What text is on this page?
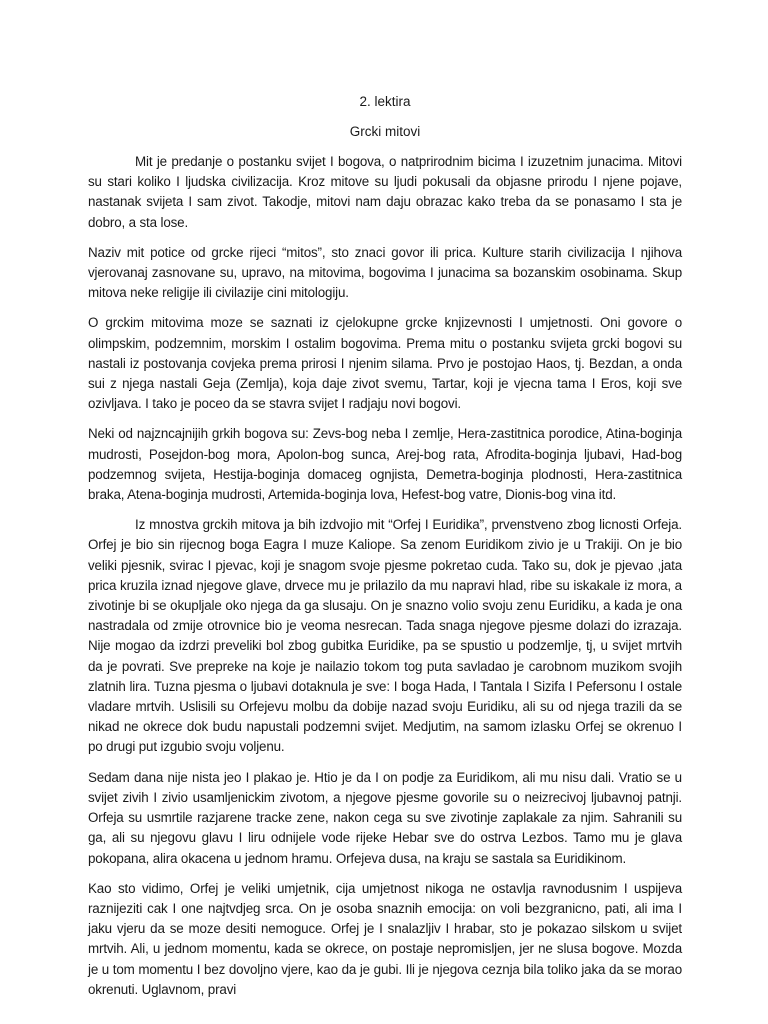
2. lektira

Grcki mitovi

Mit je predanje o postanku svijet I bogova, o natprirodnim bicima I izuzetnim junacima. Mitovi su stari koliko I ljudska civilizacija. Kroz mitove su ljudi pokusali da objasne prirodu I njene pojave, nastanak svijeta I sam zivot. Takodje, mitovi nam daju obrazac kako treba da se ponasamo I sta je dobro, a sta lose.

Naziv mit potice od grcke rijeci “mitos”, sto znaci govor ili prica. Kulture starih civilizacija I njihova vjerovanaj zasnovane su, upravo, na mitovima, bogovima I junacima sa bozanskim osobinama. Skup mitova neke religije ili civilazije cini mitologiju.

O grckim mitovima moze se saznati iz cjelokupne grcke knjizevnosti I umjetnosti. Oni govore o olimpskim, podzemnim, morskim I ostalim bogovima. Prema mitu o postanku svijeta grcki bogovi su nastali iz postovanja covjeka prema prirosi I njenim silama. Prvo je postojao Haos, tj. Bezdan, a onda sui z njega nastali Geja (Zemlja), koja daje zivot svemu, Tartar, koji je vjecna tama I Eros, koji sve ozivljava. I tako je poceo da se stavra svijet I radjaju novi bogovi.

Neki od najzncajnijih grkih bogova su: Zevs-bog neba I zemlje, Hera-zastitnica porodice, Atina-boginja mudrosti, Posejdon-bog mora, Apolon-bog sunca, Arej-bog rata, Afrodita-boginja ljubavi, Had-bog podzemnog svijeta, Hestija-boginja domaceg ognjista, Demetra-boginja plodnosti, Hera-zastitnica braka, Atena-boginja mudrosti, Artemida-boginja lova, Hefest-bog vatre, Dionis-bog vina itd.

Iz mnostva grckih mitova ja bih izdvojio mit “Orfej I Euridika”, prvenstveno zbog licnosti Orfeja. Orfej je bio sin rijecnog boga Eagra I muze Kaliope. Sa zenom Euridikom zivio je u Trakiji. On je bio veliki pjesnik, svirac I pjevac, koji je snagom svoje pjesme pokretao cuda. Tako su, dok je pjevao ,jata prica kruzila iznad njegove glave, drvece mu je prilazilo da mu napravi hlad, ribe su iskakale iz mora, a zivotinje bi se okupljale oko njega da ga slusaju. On je snazno volio svoju zenu Euridiku, a kada je ona nastradala od zmije otrovnice bio je veoma nesrecan. Tada snaga njegove pjesme dolazi do izrazaja. Nije mogao da izdrzi preveliki bol zbog gubitka Euridike, pa se spustio u podzemlje, tj, u svijet mrtvih da je povrati. Sve prepreke na koje je nailazio tokom tog puta savladao je carobnom muzikom svojih zlatnih lira. Tuzna pjesma o ljubavi dotaknula je sve: I boga Hada, I Tantala I Sizifa I Pefersonu I ostale vladare mrtvih. Uslisili su Orfejevu molbu da dobije nazad svoju Euridiku, ali su od njega trazili da se nikad ne okrece dok budu napustali podzemni svijet. Medjutim, na samom izlasku Orfej se okrenuo I po drugi put izgubio svoju voljenu.

Sedam dana nije nista jeo I plakao je. Htio je da I on podje za Euridikom, ali mu nisu dali. Vratio se u svijet zivih I zivio usamljenickim zivotom, a njegove pjesme govorile su o neizrecivoj ljubavnoj patnji. Orfeja su usmrtile razjarene tracke zene, nakon cega su sve zivotinje zaplakale za njim. Sahranili su ga, ali su njegovu glavu I liru odnijele vode rijeke Hebar sve do ostrva Lezbos. Tamo mu je glava pokopana, alira okacena u jednom hramu. Orfejeva dusa, na kraju se sastala sa Euridikinom.

Kao sto vidimo, Orfej je veliki umjetnik, cija umjetnost nikoga ne ostavlja ravnodusnim I uspijeva raznijeziti cak I one najtvdjeg srca. On je osoba snaznih emocija: on voli bezgranicno, pati, ali ima I jaku vjeru da se moze desiti nemoguce. Orfej je I snalazljiv I hrabar, sto je pokazao silskom u svijet mrtvih. Ali, u jednom momentu, kada se okrece, on postaje nepromisljen, jer ne slusa bogove. Mozda je u tom momentu I bez dovoljno vjere, kao da je gubi. Ili je njegova ceznja bila toliko jaka da se morao okrenuti. Uglavnom, pravi
